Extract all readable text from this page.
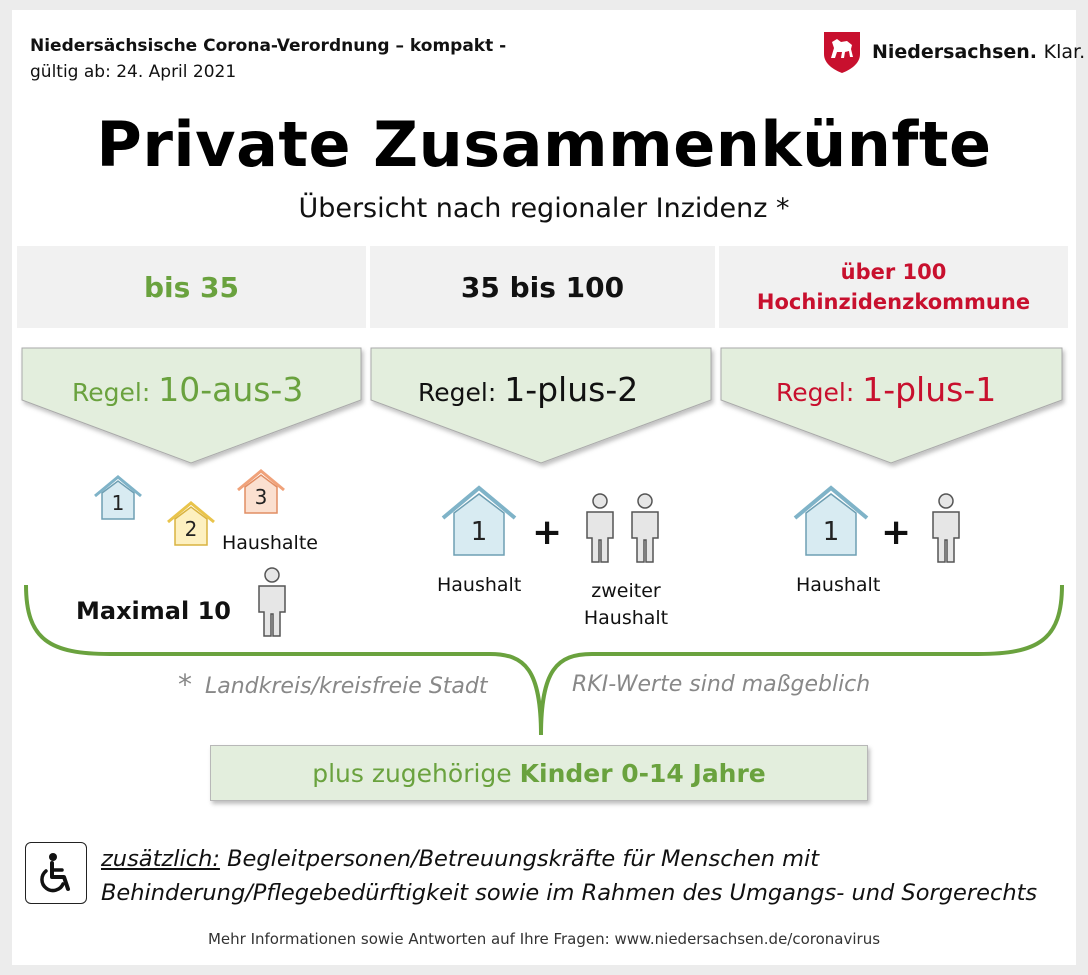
Niedersächsische Corona-Verordnung – kompakt -
gültig ab: 24. April 2021
Niedersachsen. Klar.
Private Zusammenkünfte
Übersicht nach regionaler Inzidenz *
bis 35	35 bis 100	über 100
Hochinzidenzkommune
Regel: 10-aus-3	Regel: 1-plus-2	Regel: 1-plus-1
1
2
3
Haushalte
Maximal 10
1 +
Haushalt	zweiter
Haushalt
1 +
Haushalt
* Landkreis/kreisfreie Stadt	RKI-Werte sind maßgeblich
plus zugehörige
Kinder 0-14 Jahre
zusätzlich: Begleitpersonen/Betreuungskräfte für Menschen mit
Behinderung/Pflegebedürftigkeit sowie im Rahmen des Umgangs- und Sorgerechts
Mehr Informationen sowie Antworten auf Ihre Fragen: www.niedersachsen.de/coronavirus
